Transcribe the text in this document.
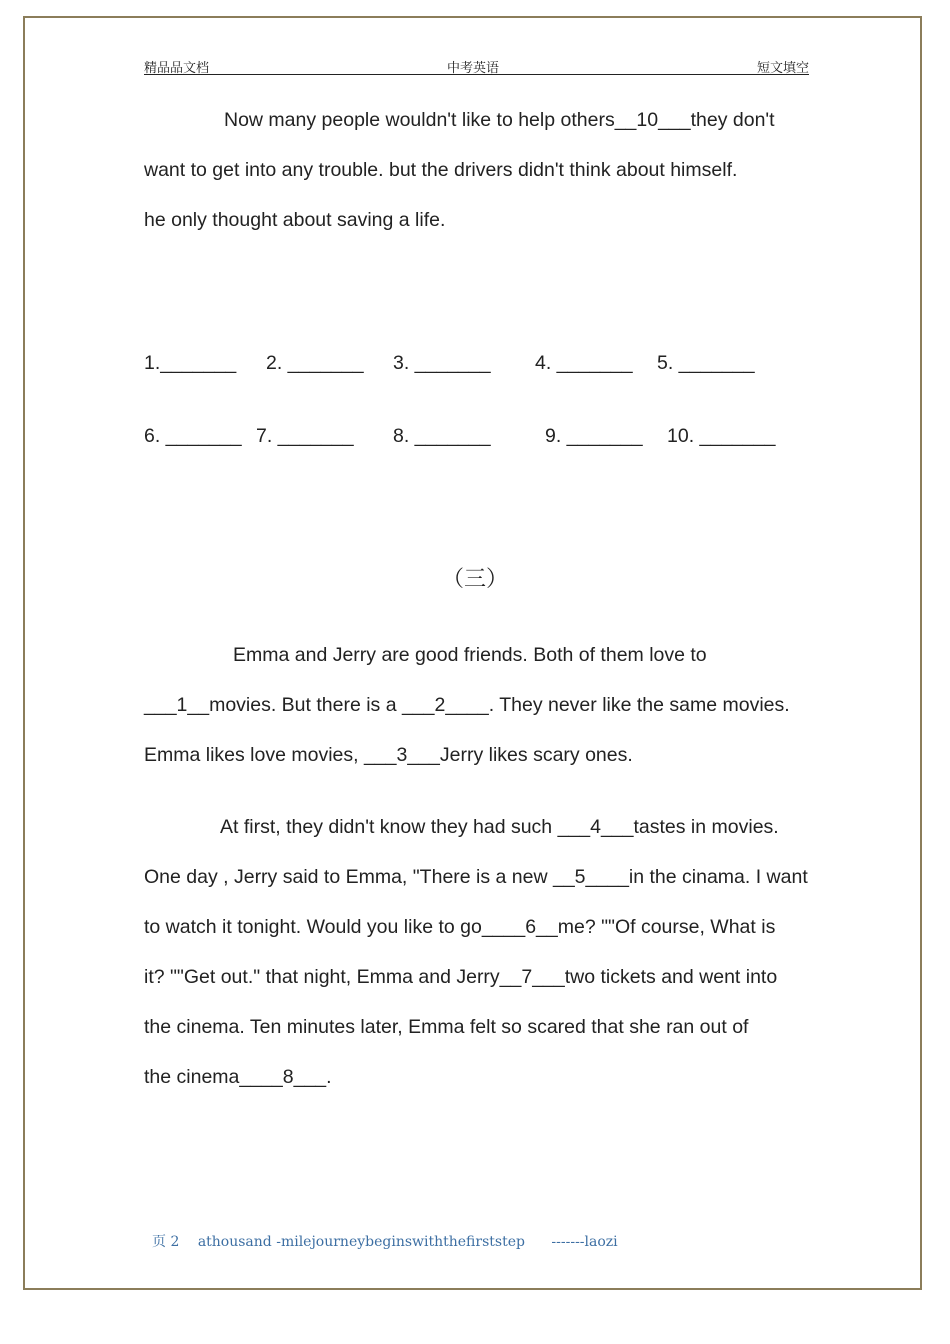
精品品文档	中考英语	短文填空
Now many people wouldn't like to help others__10___they don't
want to get into any trouble. but the drivers didn't think about himself.
he only thought about saving a life.
1._______ 2. _______ 3. _______ 4. _______ 5. _______
6. _______ 7. _______ 8. _______	9. _______ 10. _______
（三）
Emma and Jerry are good friends. Both of them love to
___1__movies. But there is a ___2____. They never like the same movies.
Emma likes love movies, ___3___Jerry likes scary ones.
At first, they didn't know they had such ___4___tastes in movies.
One day , Jerry said to Emma, "There is a new __5____in the cinama. I want
to watch it tonight. Would you like to go____6__me? ""Of course, What is
it? ""Get out." that night, Emma and Jerry__7___two tickets and went into
the cinema. Ten minutes later, Emma felt so scared that she ran out of
the cinema____8___.
页 2 athousand -milejourneybeginswiththefirststep -------laozi
